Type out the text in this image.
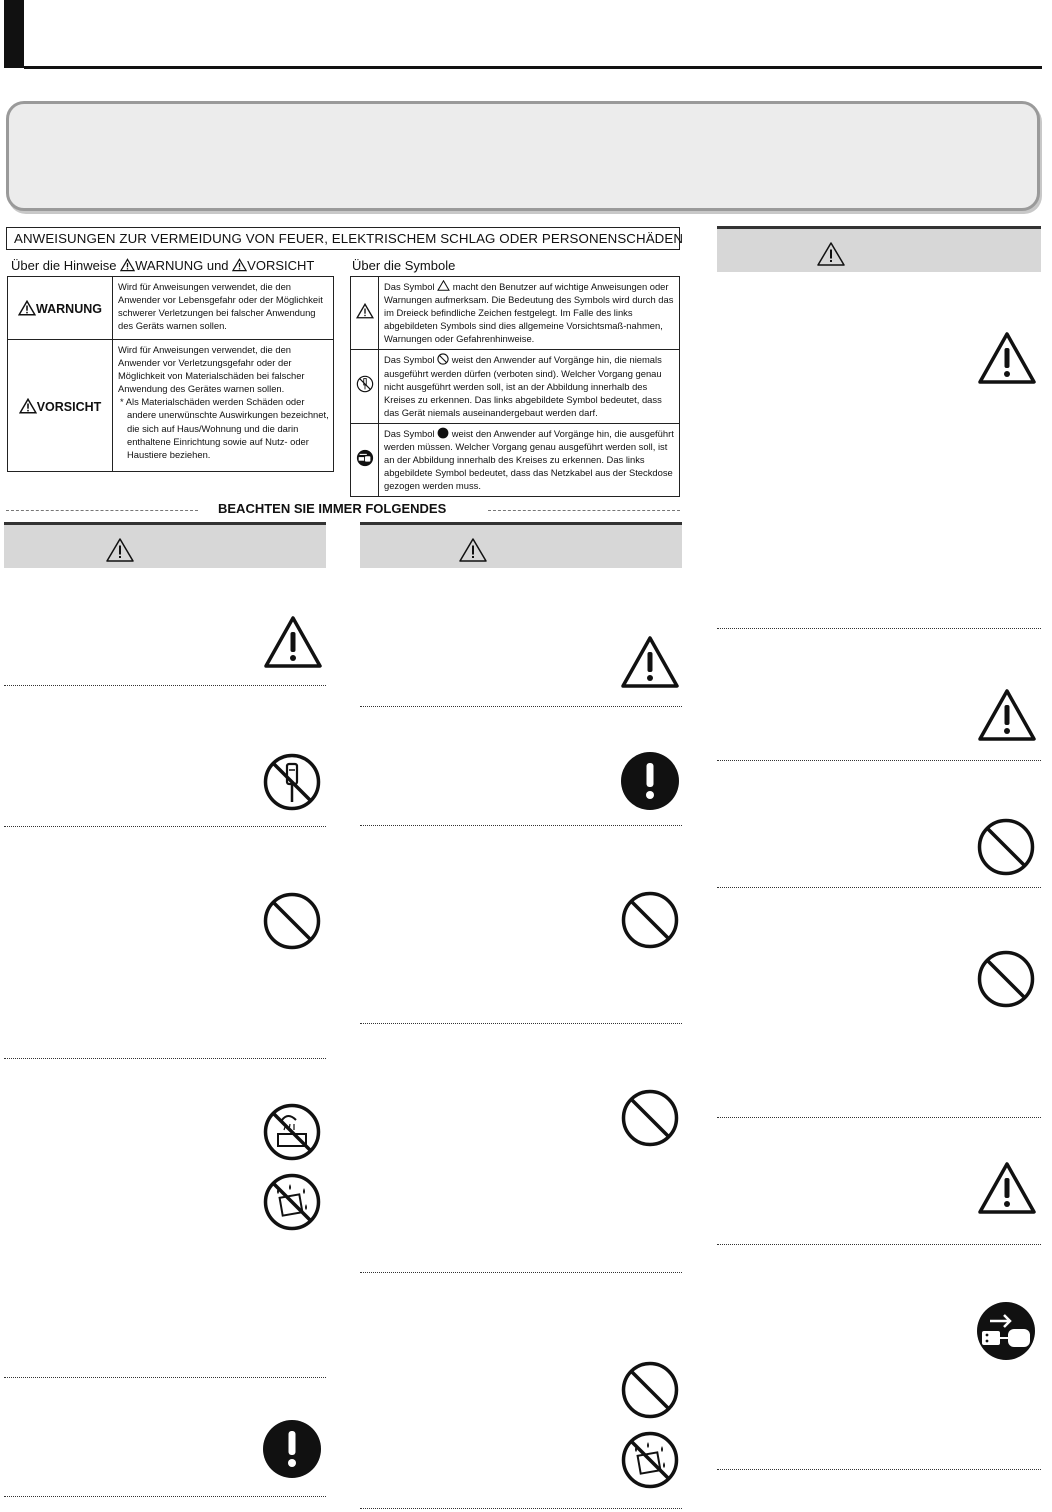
ANWEISUNGEN ZUR VERMEIDUNG VON FEUER, ELEKTRISCHEM SCHLAG ODER PERSONENSCHÄDEN
Über die Hinweise WARNUNG und VORSICHT	Über die Symbole
WARNUNG	Wird für Anweisungen verwendet, die den Anwender vor Lebensgefahr oder der Möglichkeit schwerer Verletzungen bei falscher Anwendung des Geräts warnen sollen.
VORSICHT	Wird für Anweisungen verwendet, die den Anwender vor Verletzungsgefahr oder der Möglichkeit von Materialschäden bei falscher Anwendung des Gerätes warnen sollen.
* Als Materialschäden werden Schäden oder andere unerwünschte Auswirkungen bezeichnet, die sich auf Haus/Wohnung und die darin enthaltene Einrichtung sowie auf Nutz- oder Haustiere beziehen.
	Das Symbol  macht den Benutzer auf wichtige Anweisungen oder Warnungen aufmerksam. Die Bedeutung des Symbols wird durch das im Dreieck befindliche Zeichen festgelegt. Im Falle des links abgebildeten Symbols sind dies allgemeine Vorsichtsmaß-nahmen, Warnungen oder Gefahrenhinweise.
	Das Symbol  weist den Anwender auf Vorgänge hin, die niemals ausgeführt werden dürfen (verboten sind). Welcher Vorgang genau nicht ausgeführt werden soll, ist an der Abbildung innerhalb des Kreises zu erkennen. Das links abgebildete Symbol bedeutet, dass das Gerät niemals auseinandergebaut werden darf.
	Das Symbol  weist den Anwender auf Vorgänge hin, die ausgeführt werden müssen. Welcher Vorgang genau ausgeführt werden soll, ist an der Abbildung innerhalb des Kreises zu erkennen. Das links abgebildete Symbol bedeutet, dass das Netzkabel aus der Steckdose gezogen werden muss.
BEACHTEN SIE IMMER FOLGENDES
